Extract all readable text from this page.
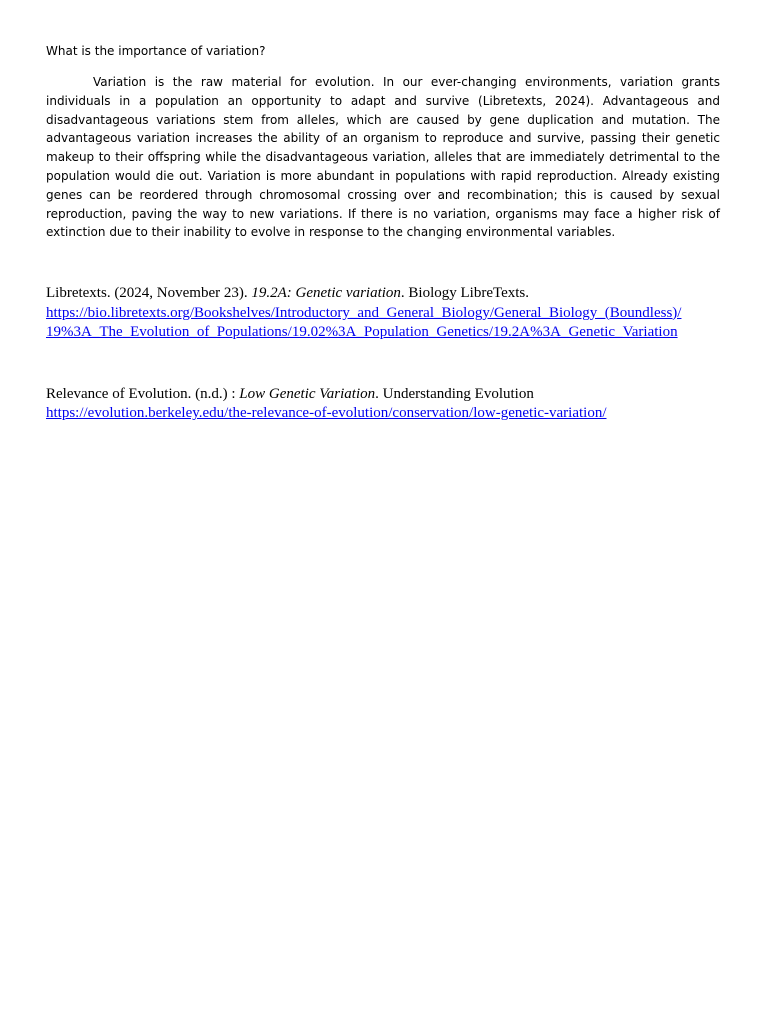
What is the importance of variation?

Variation is the raw material for evolution. In our ever-changing environments, variation grants individuals in a population an opportunity to adapt and survive (Libretexts, 2024). Advantageous and disadvantageous variations stem from alleles, which are caused by gene duplication and mutation. The advantageous variation increases the ability of an organism to reproduce and survive, passing their genetic makeup to their offspring while the disadvantageous variation, alleles that are immediately detrimental to the population would die out. Variation is more abundant in populations with rapid reproduction. Already existing genes can be reordered through chromosomal crossing over and recombination; this is caused by sexual reproduction, paving the way to new variations. If there is no variation, organisms may face a higher risk of extinction due to their inability to evolve in response to the changing environmental variables.

Libretexts. (2024, November 23). 19.2A: Genetic variation. Biology LibreTexts.
https://bio.libretexts.org/Bookshelves/Introductory_and_General_Biology/General_Biology_(Boundless)/
19%3A_The_Evolution_of_Populations/19.02%3A_Population_Genetics/19.2A%3A_Genetic_Variation
Relevance of Evolution. (n.d.) : Low Genetic Variation. Understanding Evolution
https://evolution.berkeley.edu/the-relevance-of-evolution/conservation/low-genetic-variation/
